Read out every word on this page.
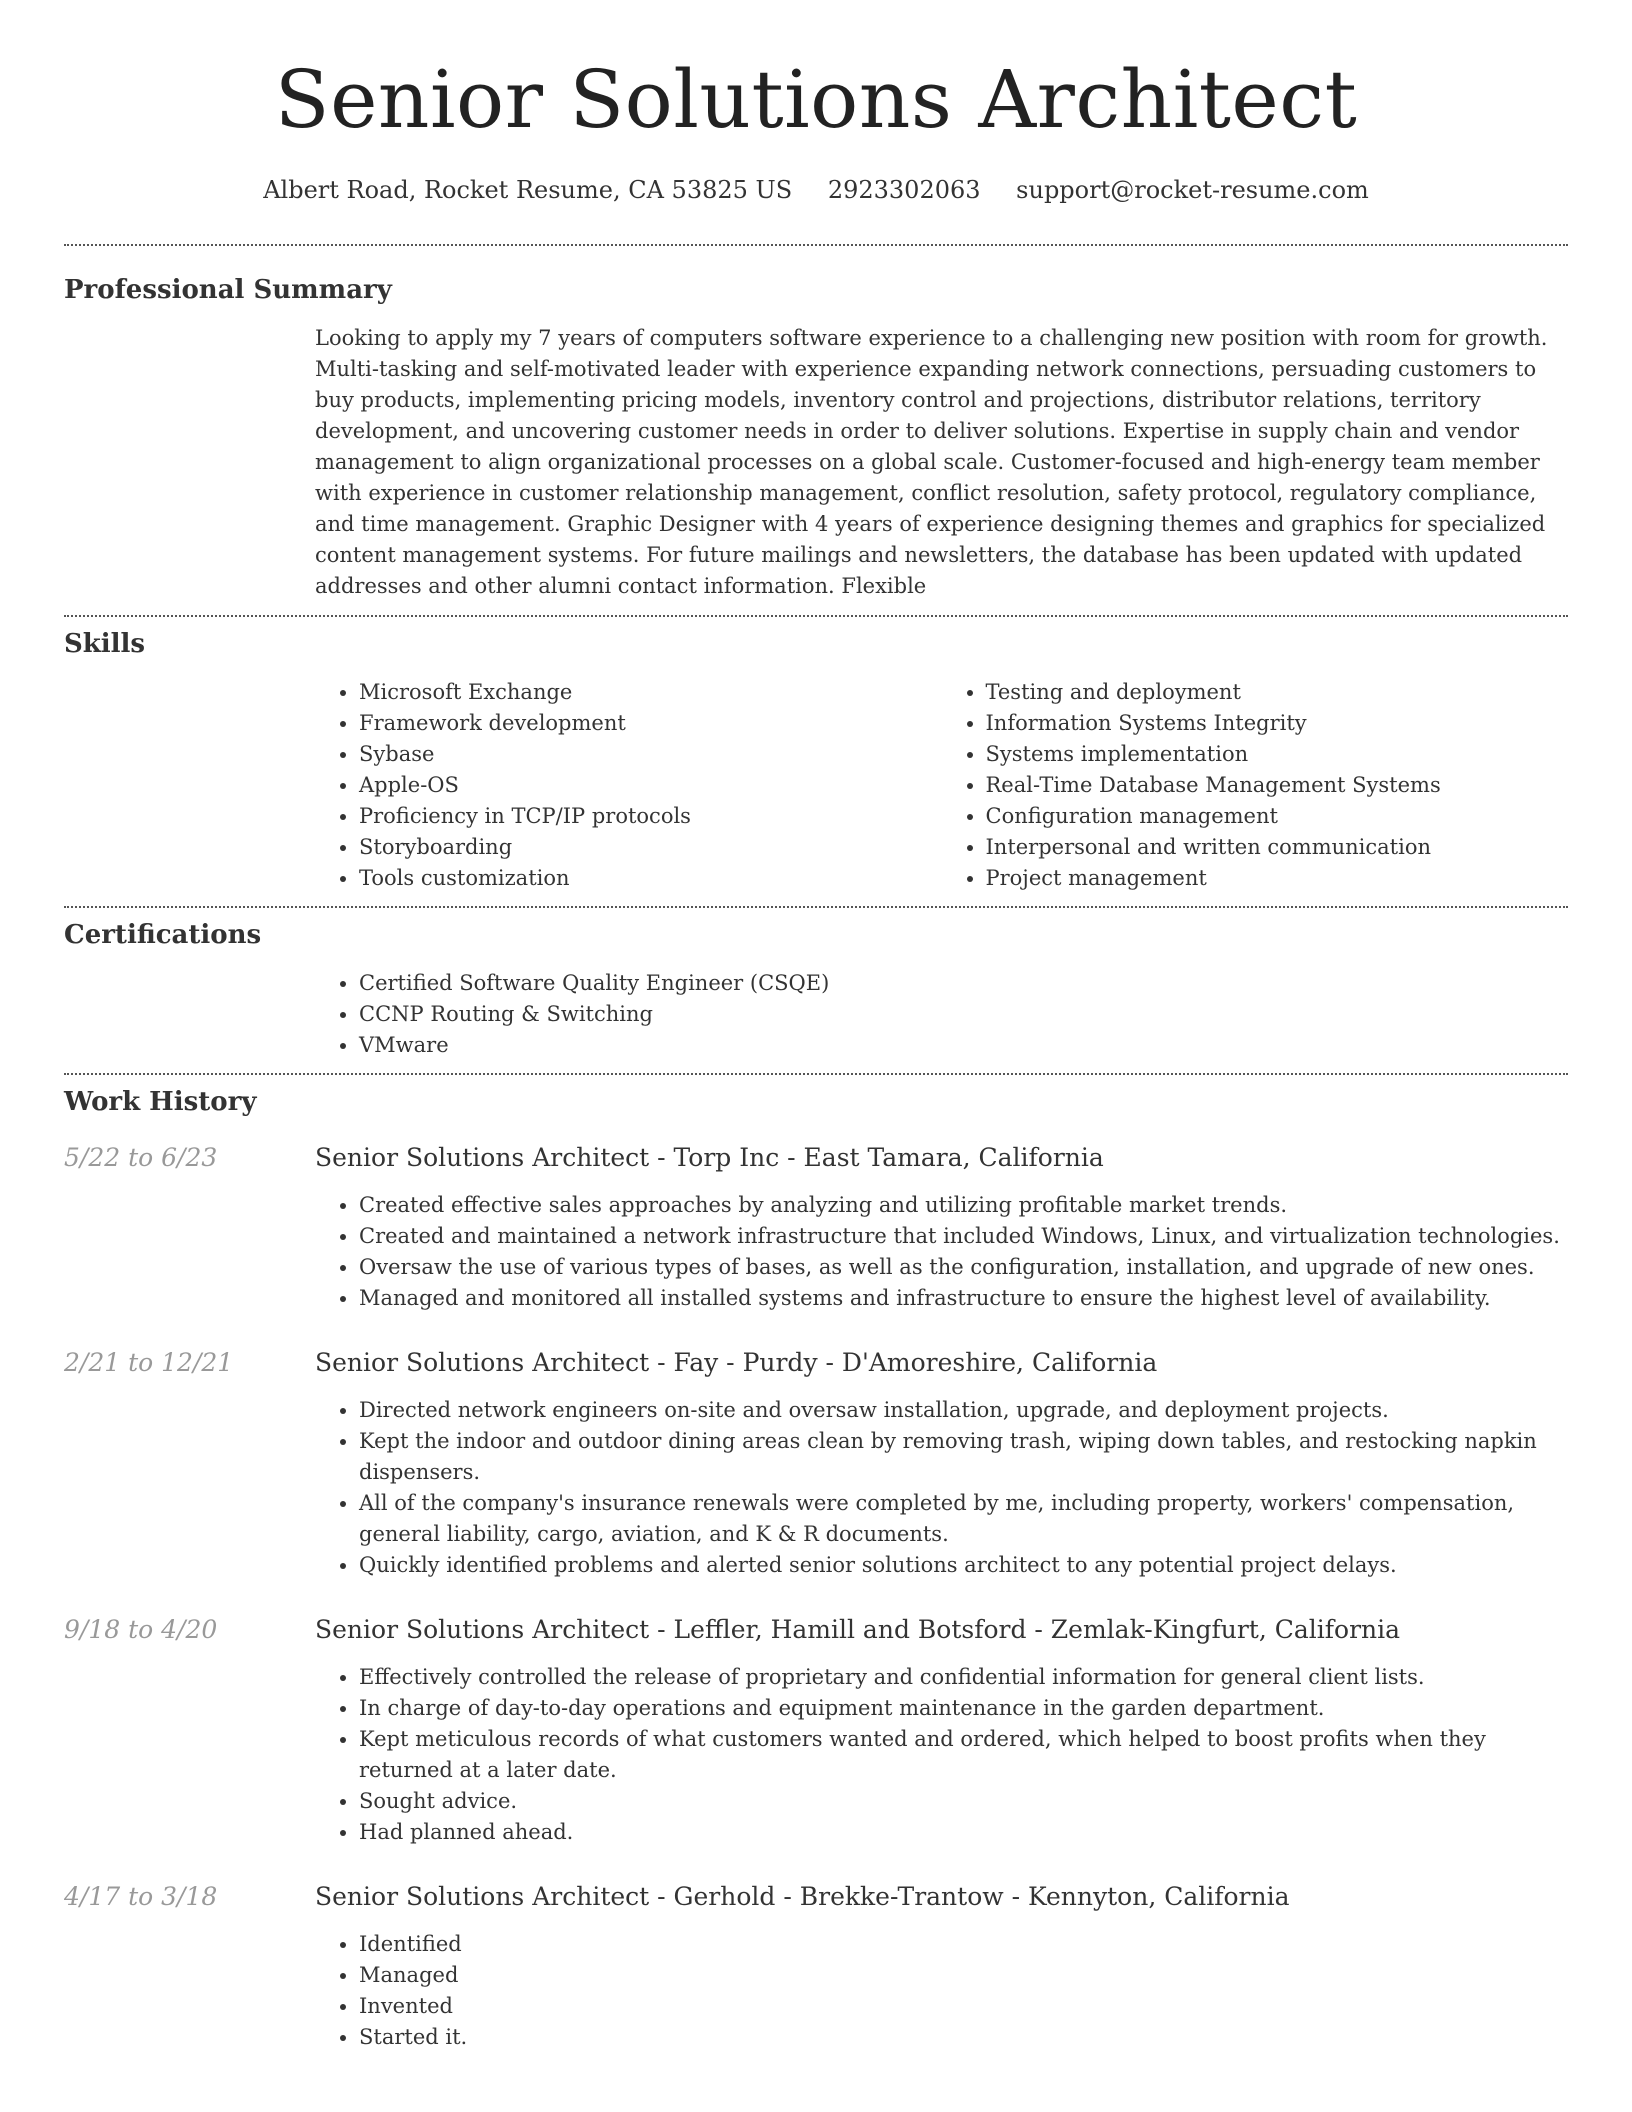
Senior Solutions Architect
Albert Road, Rocket Resume, CA 53825 US 2923302063 support@rocket-resume.com
Professional Summary
Looking to apply my 7 years of computers software experience to a challenging new position with room for growth. Multi-tasking and self-motivated leader with experience expanding network connections, persuading customers to buy products, implementing pricing models, inventory control and projections, distributor relations, territory development, and uncovering customer needs in order to deliver solutions. Expertise in supply chain and vendor management to align organizational processes on a global scale. Customer-focused and high-energy team member with experience in customer relationship management, conflict resolution, safety protocol, regulatory compliance, and time management. Graphic Designer with 4 years of experience designing themes and graphics for specialized content management systems. For future mailings and newsletters, the database has been updated with updated addresses and other alumni contact information. Flexible
Skills
• Microsoft Exchange
• Framework development
• Sybase
• Apple-OS
• Proficiency in TCP/IP protocols
• Storyboarding
• Tools customization
• Testing and deployment
• Information Systems Integrity
• Systems implementation
• Real-Time Database Management Systems
• Configuration management
• Interpersonal and written communication
• Project management
Certifications
• Certified Software Quality Engineer (CSQE)
• CCNP Routing & Switching
• VMware
Work History
5/22 to 6/23	Senior Solutions Architect - Torp Inc - East Tamara, California
• Created effective sales approaches by analyzing and utilizing profitable market trends.
• Created and maintained a network infrastructure that included Windows, Linux, and virtualization technologies.
• Oversaw the use of various types of bases, as well as the configuration, installation, and upgrade of new ones.
• Managed and monitored all installed systems and infrastructure to ensure the highest level of availability.
2/21 to 12/21	Senior Solutions Architect - Fay - Purdy - D'Amoreshire, California
• Directed network engineers on-site and oversaw installation, upgrade, and deployment projects.
• Kept the indoor and outdoor dining areas clean by removing trash, wiping down tables, and restocking napkin dispensers.
• All of the company's insurance renewals were completed by me, including property, workers' compensation, general liability, cargo, aviation, and K & R documents.
• Quickly identified problems and alerted senior solutions architect to any potential project delays.
9/18 to 4/20	Senior Solutions Architect - Leffler, Hamill and Botsford - Zemlak-Kingfurt, California
• Effectively controlled the release of proprietary and confidential information for general client lists.
• In charge of day-to-day operations and equipment maintenance in the garden department.
• Kept meticulous records of what customers wanted and ordered, which helped to boost profits when they returned at a later date.
• Sought advice.
• Had planned ahead.
4/17 to 3/18	Senior Solutions Architect - Gerhold - Brekke-Trantow - Kennyton, California
• Identified
• Managed
• Invented
• Started it.
